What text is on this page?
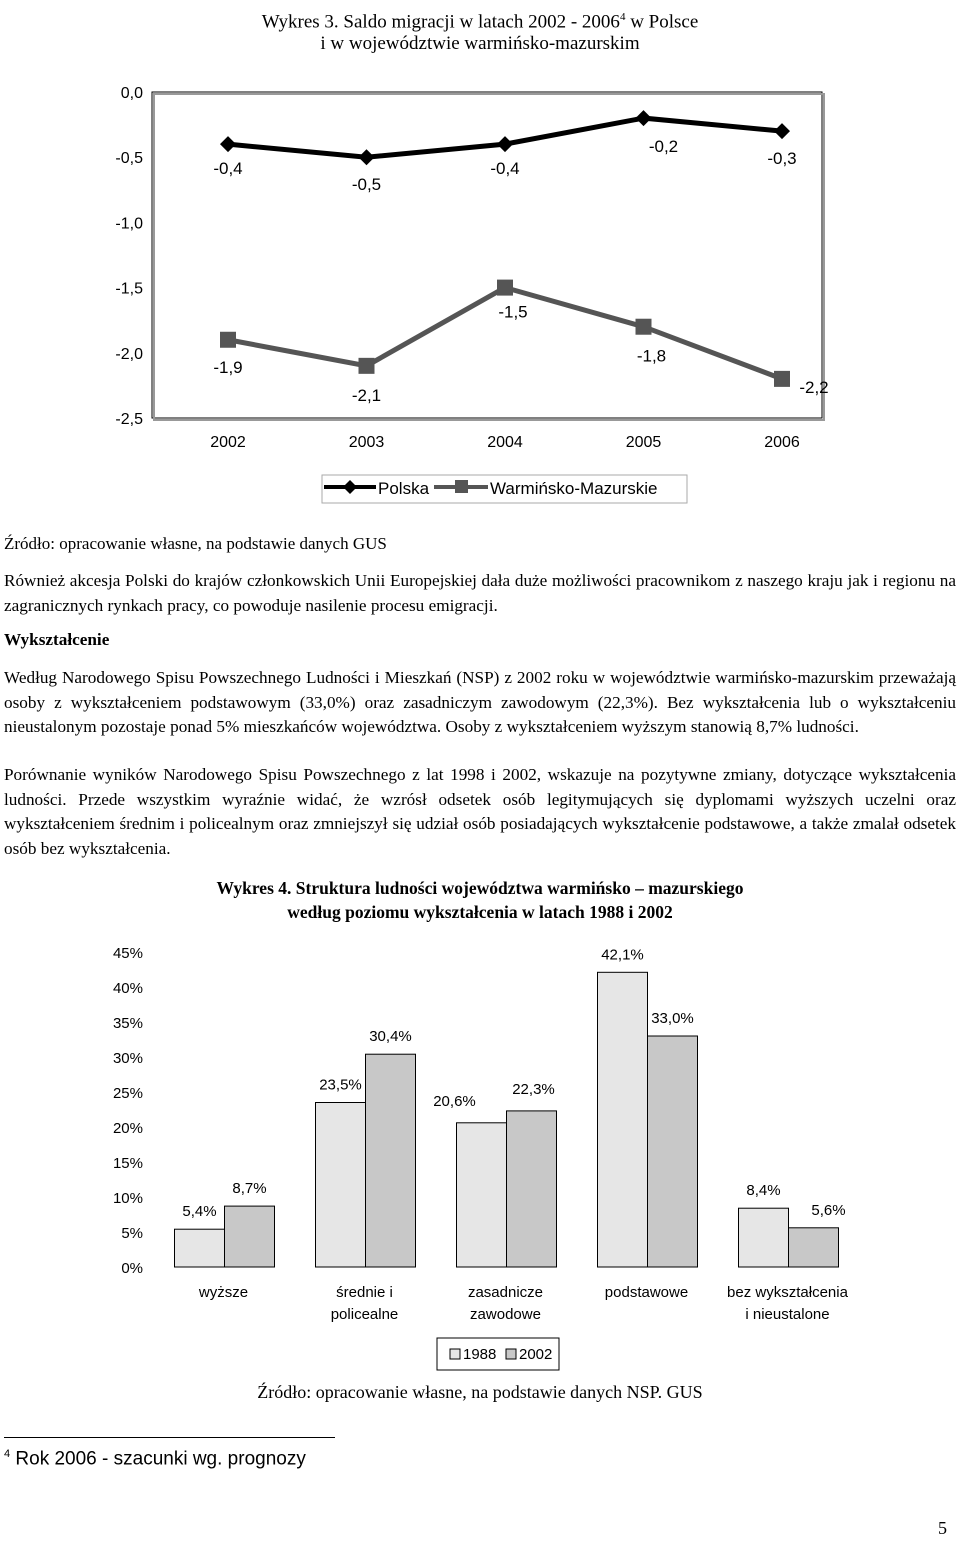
Wykres 3. Saldo migracji w latach 2002 - 2006$^4$ w Polsce
i w województwie warmińsko-mazurskim
0,0
-0,5
-1,0
-1,5
-2,0
-2,5
2002	2003	2004	2005	2006
-0,4
-0,5
-0,4
-0,2
-0,3
-1,9
-2,1
-1,5
-1,8
-2,2
Polska	Warmińsko-Mazurskie
Źródło: opracowanie własne, na podstawie danych GUS
Również akcesja Polski do krajów członkowskich Unii Europejskiej dała duże możliwości pracownikom z naszego kraju jak i regionu na zagranicznych rynkach pracy, co powoduje nasilenie procesu emigracji.
Wykształcenie
Według Narodowego Spisu Powszechnego Ludności i Mieszkań (NSP) z 2002 roku w województwie warmińsko-mazurskim przeważają osoby z wykształceniem podstawowym (33,0%) oraz zasadniczym zawodowym (22,3%). Bez wykształcenia lub o wykształceniu nieustalonym pozostaje ponad 5% mieszkańców województwa. Osoby z wykształceniem wyższym stanowią 8,7% ludności.
Porównanie wyników Narodowego Spisu Powszechnego z lat 1998 i 2002, wskazuje na pozytywne zmiany, dotyczące wykształcenia ludności. Przede wszystkim wyraźnie widać, że wzrósł odsetek osób legitymujących się dyplomami wyższych uczelni oraz wykształceniem średnim i policealnym oraz zmniejszył się udział osób posiadających wykształcenie podstawowe, a także zmalał odsetek osób bez wykształcenia.
Wykres 4. Struktura ludności województwa warmińsko – mazurskiego
według poziomu wykształcenia w latach 1988 i 2002
0%
5%
10%
15%
20%
25%
30%
35%
40%
45%
5,4%
8,7%
wyższe
23,5%
30,4%
średnie i
policealne
20,6%
22,3%
zasadnicze
zawodowe
42,1%
33,0%
podstawowe
8,4%
5,6%
bez wykształcenia
i nieustalone
1988 2002
Źródło: opracowanie własne, na podstawie danych NSP. GUS
$^4$ Rok 2006 - szacunki wg. prognozy
5
